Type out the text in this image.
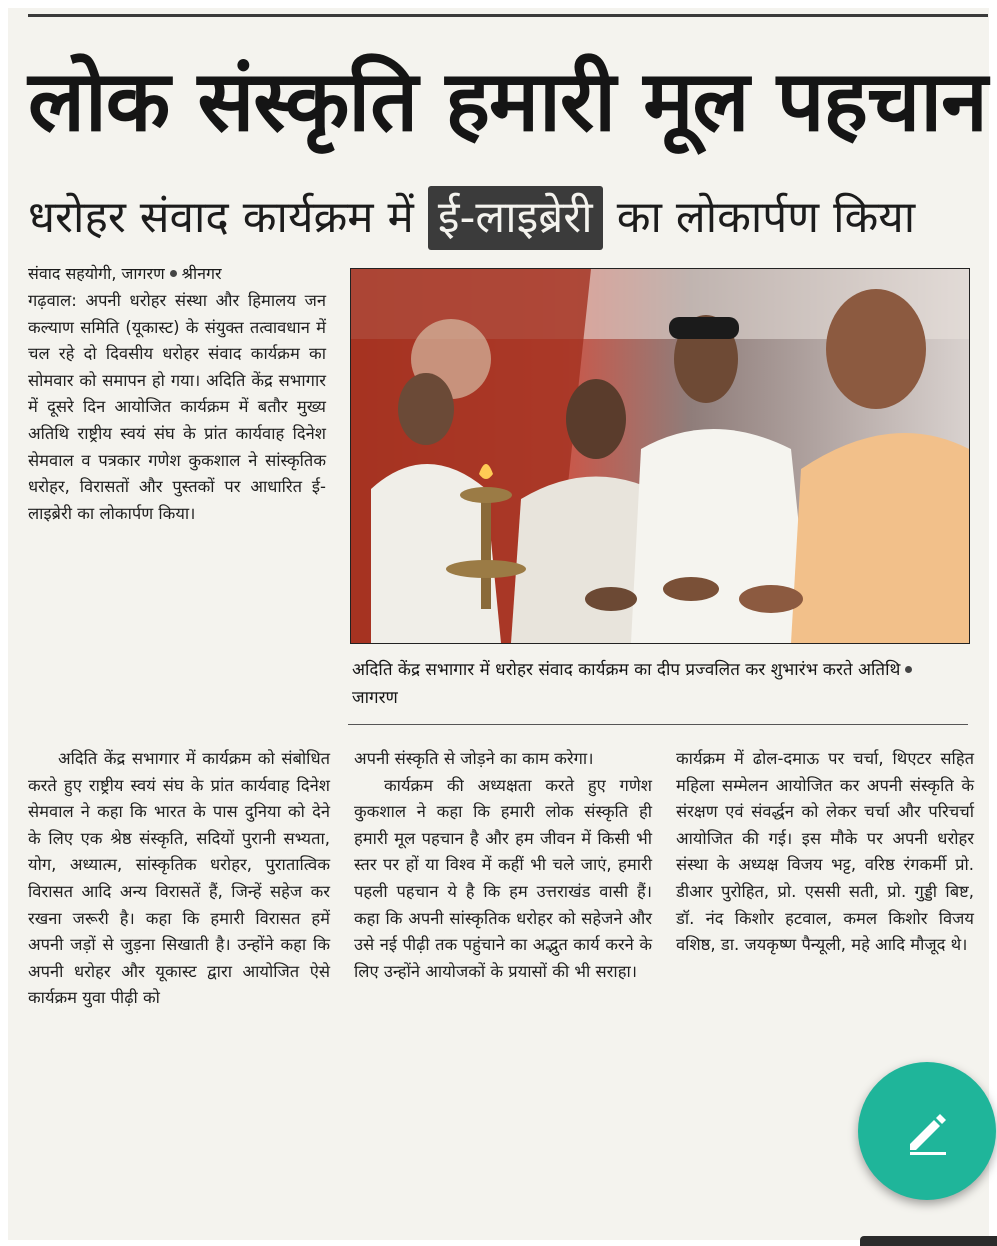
लोक संस्कृति हमारी मूल पहचान
धरोहर संवाद कार्यक्रम में ई-लाइब्रेरी का लोकार्पण किया
संवाद सहयोगी, जागरण श्रीनगर

गढ़वाल: अपनी धरोहर संस्था और हिमालय जन कल्याण समिति (यूकास्ट) के संयुक्त तत्वावधान में चल रहे दो दिवसीय धरोहर संवाद कार्यक्रम का सोमवार को समापन हो गया। अदिति केंद्र सभागार में दूसरे दिन आयोजित कार्यक्रम में बतौर मुख्य अतिथि राष्ट्रीय स्वयं संघ के प्रांत कार्यवाह दिनेश सेमवाल व पत्रकार गणेश कुकशाल ने सांस्कृतिक धरोहर, विरासतों और पुस्तकों पर आधारित ई-लाइब्रेरी का लोकार्पण किया।

अदिति केंद्र सभागार में धरोहर संवाद कार्यक्रम का दीप प्रज्वलित कर शुभारंभ करते अतिथिजागरण

अदिति केंद्र सभागार में कार्यक्रम को संबोधित करते हुए राष्ट्रीय स्वयं संघ के प्रांत कार्यवाह दिनेश सेमवाल ने कहा कि भारत के पास दुनिया को देने के लिए एक श्रेष्ठ संस्कृति, सदियों पुरानी सभ्यता, योग, अध्यात्म, सांस्कृतिक धरोहर, पुरातात्विक विरासत आदि अन्य विरासतें हैं, जिन्हें सहेज कर रखना जरूरी है। कहा कि हमारी विरासत हमें अपनी जड़ों से जुड़ना सिखाती है। उन्होंने कहा कि अपनी धरोहर और यूकास्ट द्वारा आयोजित ऐसे कार्यक्रम युवा पीढ़ी को

अपनी संस्कृति से जोड़ने का काम करेगा।

कार्यक्रम की अध्यक्षता करते हुए गणेश कुकशाल ने कहा कि हमारी लोक संस्कृति ही हमारी मूल पहचान है और हम जीवन में किसी भी स्तर पर हों या विश्व में कहीं भी चले जाएं, हमारी पहली पहचान ये है कि हम उत्तराखंड वासी हैं। कहा कि अपनी सांस्कृतिक धरोहर को सहेजने और उसे नई पीढ़ी तक पहुंचाने का अद्भुत कार्य करने के लिए उन्होंने आयोजकों के प्रयासों की भी सराहा।

कार्यक्रम में ढोल-दमाऊ पर चर्चा, थिएटर सहित महिला सम्मेलन आयोजित कर अपनी संस्कृति के संरक्षण एवं संवर्द्धन को लेकर चर्चा और परिचर्चा आयोजित की गई। इस मौके पर अपनी धरोहर संस्था के अध्यक्ष विजय भट्ट, वरिष्ठ रंगकर्मी प्रो. डीआर पुरोहित, प्रो. एससी सती, प्रो. गुड्डी बिष्ट, डॉ. नंद किशोर हटवाल, कमल किशोर विजय वशिष्ठ, डा. जयकृष्ण पैन्यूली, महे आदि मौजूद थे।
